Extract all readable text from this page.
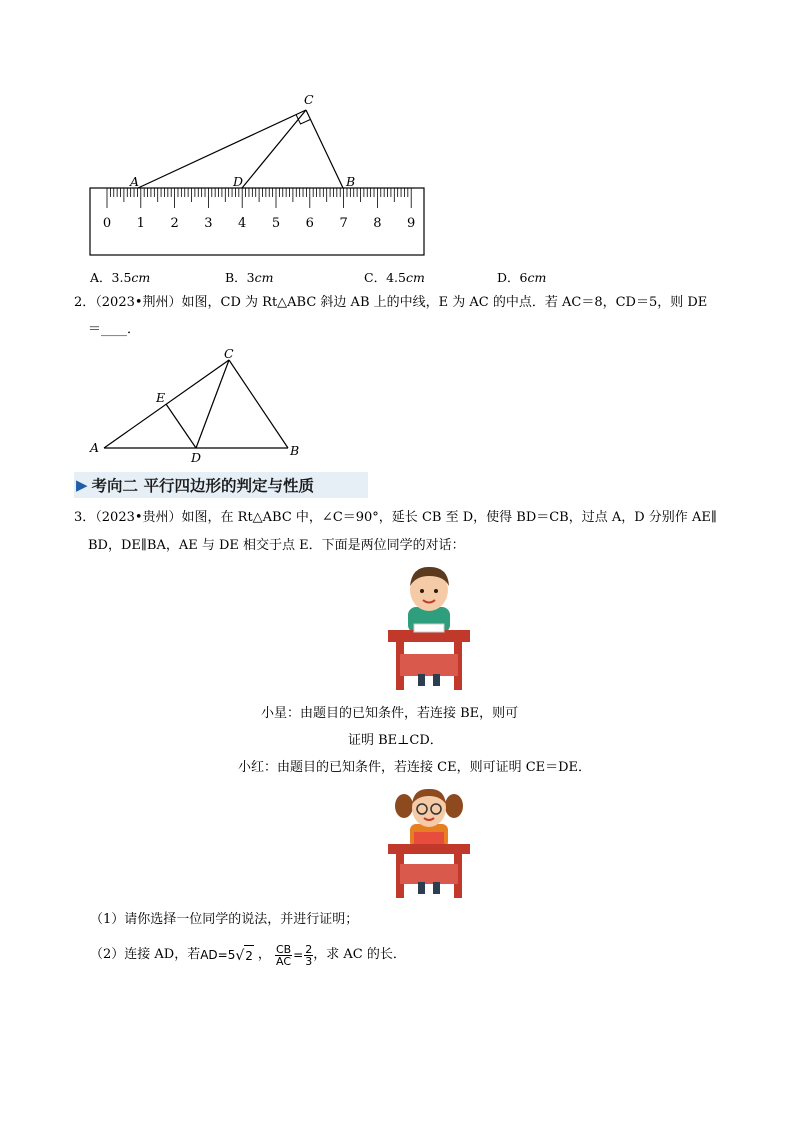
0 1 2 3 4 5 6 7 8 9
A	D	B
C
A．3.5cm	B．3cm	C．4.5cm	D．6cm
2．（2023•荆州）如图，CD 为 Rt△ABC 斜边 AB 上的中线，E 为 AC 的中点．若 AC＝8，CD＝5，则 DE
＝____．
A	B
C
D
E
▶ 考向二 平行四边形的判定与性质
3．（2023•贵州）如图，在 Rt△ABC 中，∠C＝90°，延长 CB 至 D，使得 BD＝CB，过点 A，D 分别作 AE∥
BD，DE∥BA，AE 与 DE 相交于点 E．下面是两位同学的对话：
小星：由题目的已知条件，若连接 BE，则可
证明 BE⊥CD．
小红：由题目的已知条件，若连接 CE，则可证明 CE＝DE．
（1）请你选择一位同学的说法，并进行证明；
（2）连接 AD，若 AD=5 √ 2 ， $\frac{CB}{AC} = \frac{2}{3}$ ，求 AC 的长．
